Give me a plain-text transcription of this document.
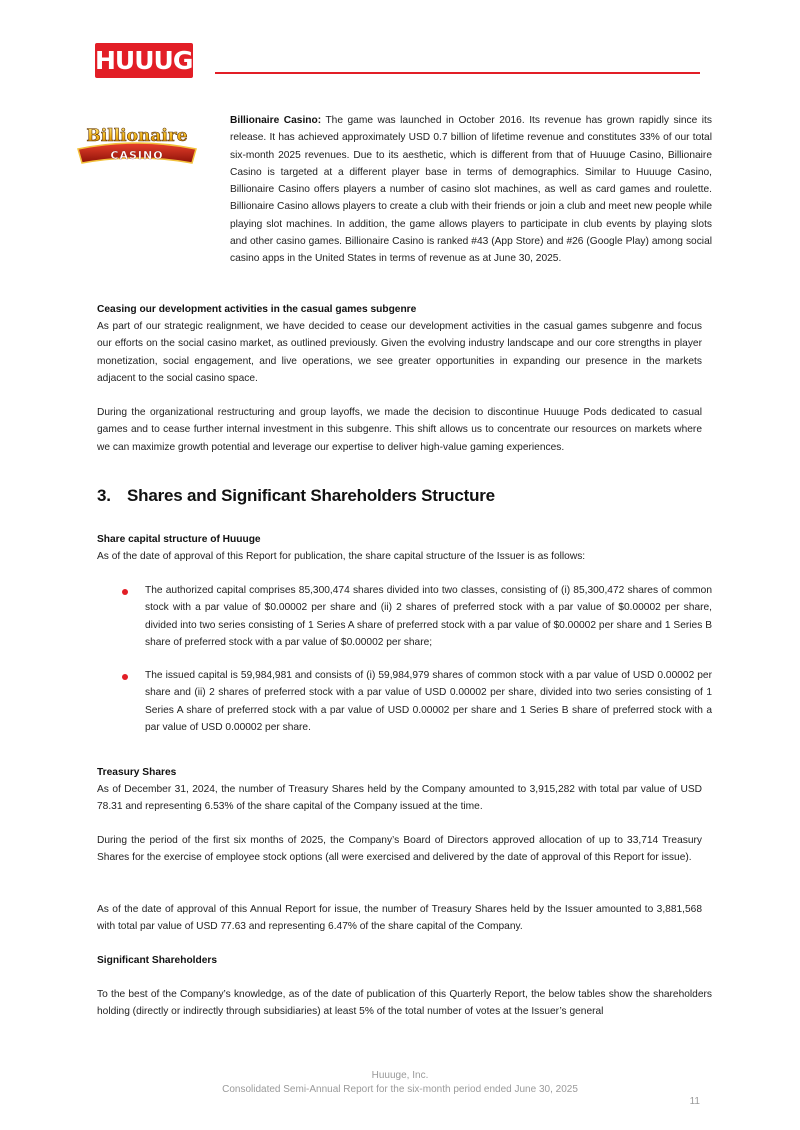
HUUUGE
Billionaire
CASINO
Billionaire Casino: The game was launched in October 2016. Its revenue has grown rapidly since its release. It has achieved approximately USD 0.7 billion of lifetime revenue and constitutes 33% of our total six-month 2025 revenues. Due to its aesthetic, which is different from that of Huuuge Casino, Billionaire Casino is targeted at a different player base in terms of demographics. Similar to Huuuge Casino, Billionaire Casino offers players a number of casino slot machines, as well as card games and roulette. Billionaire Casino allows players to create a club with their friends or join a club and meet new people while playing slot machines. In addition, the game allows players to participate in club events by playing slots and other casino games. Billionaire Casino is ranked #43 (App Store) and #26 (Google Play) among social casino apps in the United States in terms of revenue as at June 30, 2025.
Ceasing our development activities in the casual games subgenre
As part of our strategic realignment, we have decided to cease our development activities in the casual games subgenre and focus our efforts on the social casino market, as outlined previously. Given the evolving industry landscape and our core strengths in player monetization, social engagement, and live operations, we see greater opportunities in expanding our presence in the markets adjacent to the social casino space.
During the organizational restructuring and group layoffs, we made the decision to discontinue Huuuge Pods dedicated to casual games and to cease further internal investment in this subgenre. This shift allows us to concentrate our resources on markets where we can maximize growth potential and leverage our expertise to deliver high-value gaming experiences.
3. Shares and Significant Shareholders Structure
Share capital structure of Huuuge
As of the date of approval of this Report for publication, the share capital structure of the Issuer is as follows:
The authorized capital comprises 85,300,474 shares divided into two classes, consisting of (i) 85,300,472 shares of common stock with a par value of $0.00002 per share and (ii) 2 shares of preferred stock with a par value of $0.00002 per share, divided into two series consisting of 1 Series A share of preferred stock with a par value of $0.00002 per share and 1 Series B share of preferred stock with a par value of $0.00002 per share;
The issued capital is 59,984,981 and consists of (i) 59,984,979 shares of common stock with a par value of USD 0.00002 per share and (ii) 2 shares of preferred stock with a par value of USD 0.00002 per share, divided into two series consisting of 1 Series A share of preferred stock with a par value of USD 0.00002 per share and 1 Series B share of preferred stock with a par value of USD 0.00002 per share.
Treasury Shares
As of December 31, 2024, the number of Treasury Shares held by the Company amounted to 3,915,282 with total par value of USD 78.31 and representing 6.53% of the share capital of the Company issued at the time.
During the period of the first six months of 2025, the Company’s Board of Directors approved allocation of up to 33,714 Treasury Shares for the exercise of employee stock options (all were exercised and delivered by the date of approval of this Report for issue).
As of the date of approval of this Annual Report for issue, the number of Treasury Shares held by the Issuer amounted to 3,881,568 with total par value of USD 77.63 and representing 6.47% of the share capital of the Company.
Significant Shareholders
To the best of the Company’s knowledge, as of the date of publication of this Quarterly Report, the below tables show the shareholders holding (directly or indirectly through subsidiaries) at least 5% of the total number of votes at the Issuer’s general
Huuuge, Inc.
Consolidated Semi-Annual Report for the six-month period ended June 30, 2025
11
